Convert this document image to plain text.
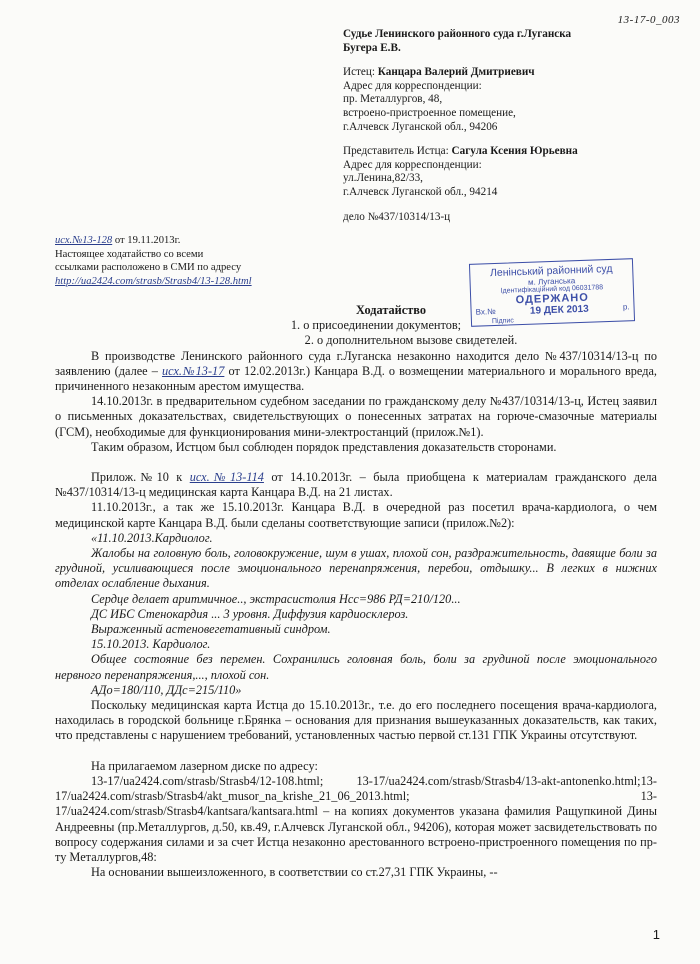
13-17-0_003
Судье Ленинского районного суда г.Луганска
Бугера Е.В.
Истец: Канцара Валерий Дмитриевич
Адрес для корреспонденции:
пр. Металлургов, 48,
встроено-пристроенное помещение,
г.Алчевск Луганской обл., 94206
Представитель Истца: Сагула Ксения Юрьевна
Адрес для корреспонденции:
ул.Ленина,82/33,
г.Алчевск Луганской обл., 94214
дело №437/10314/13-ц
исх.№13-128 от 19.11.2013г.
Настоящее ходатайство со всеми
ссылками расположено в СМИ по адресу
http://ua2424.com/strasb/Strasb4/13-128.html
Ленінський районний суд
м. Луганська
Ідентифікаційний код 06031788
ОДЕРЖАНО
Вх.№	19 ДЕК 2013	р.
Підпис

Ходатайство

1. о присоединении документов;

2. о дополнительном вызове свидетелей.

В производстве Ленинского районного суда г.Луганска незаконно находится дело №437/10314/13-ц по заявлению (далее – исх.№13-17 от 12.02.2013г.) Канцара В.Д. о возмещении материального и морального вреда, причиненного незаконным арестом имущества.

14.10.2013г. в предварительном судебном заседании по гражданскому делу №437/10314/13-ц, Истец заявил о письменных доказательствах, свидетельствующих о понесенных затратах на горюче-смазочные материалы (ГСМ), необходимые для функционирования мини-электростанций (прилож.№1).

Таким образом, Истцом был соблюден порядок представления доказательств сторонами.

Прилож.№10 к исх.№13-114 от 14.10.2013г. – была приобщена к материалам гражданского дела №437/10314/13-ц медицинская карта Канцара В.Д. на 21 листах.

11.10.2013г., а так же 15.10.2013г. Канцара В.Д. в очередной раз посетил врача-кардиолога, о чем медицинской карте Канцара В.Д. были сделаны соответствующие записи (прилож.№2):

«11.10.2013.Кардиолог.

Жалобы на головную боль, головокружение, шум в ушах, плохой сон, раздражительность, давящие боли за грудиной, усиливающиеся после эмоционального перенапряжения, перебои, отдышку... В легких в нижних отделах ослабление дыхания.

Сердце делает аритмичное.., экстрасистолия Нсс=986 РД=210/120...

ДС ИБС Стенокардия ... 3 уровня. Диффузия кардиосклероз.

Выраженный астеновегетативный синдром.

15.10.2013. Кардиолог.

Общее состояние без перемен. Сохранились головная боль, боли за грудиной после эмоционального нервного перенапряжения,..., плохой сон.

АДо=180/110, ДДс=215/110»

Поскольку медицинская карта Истца до 15.10.2013г., т.е. до его последнего посещения врача-кардиолога, находилась в городской больнице г.Брянка – основания для признания вышеуказанных доказательств, как таких, что представлены с нарушением требований, установленных частью первой ст.131 ГПК Украины отсутствуют.

На прилагаемом лазерном диске по адресу:

13-17/ua2424.com/strasb/Strasb4/12-108.html; 13-17/ua2424.com/strasb/Strasb4/13-akt-antonenko.html;13-17/ua2424.com/strasb/Strasb4/akt_musor_na_krishe_21_06_2013.html; 13-17/ua2424.com/strasb/Strasb4/kantsara/kantsara.html – на копиях документов указана фамилия Ращупкиной Дины Андреевны (пр.Металлургов, д.50, кв.49, г.Алчевск Луганской обл., 94206), которая может засвидетельствовать по вопросу содержания силами и за счет Истца незаконно арестованного встроено-пристроенного помещения по пр-ту Металлургов,48:

На основании вышеизложенного, в соответствии со ст.27,31 ГПК Украины, --

1
